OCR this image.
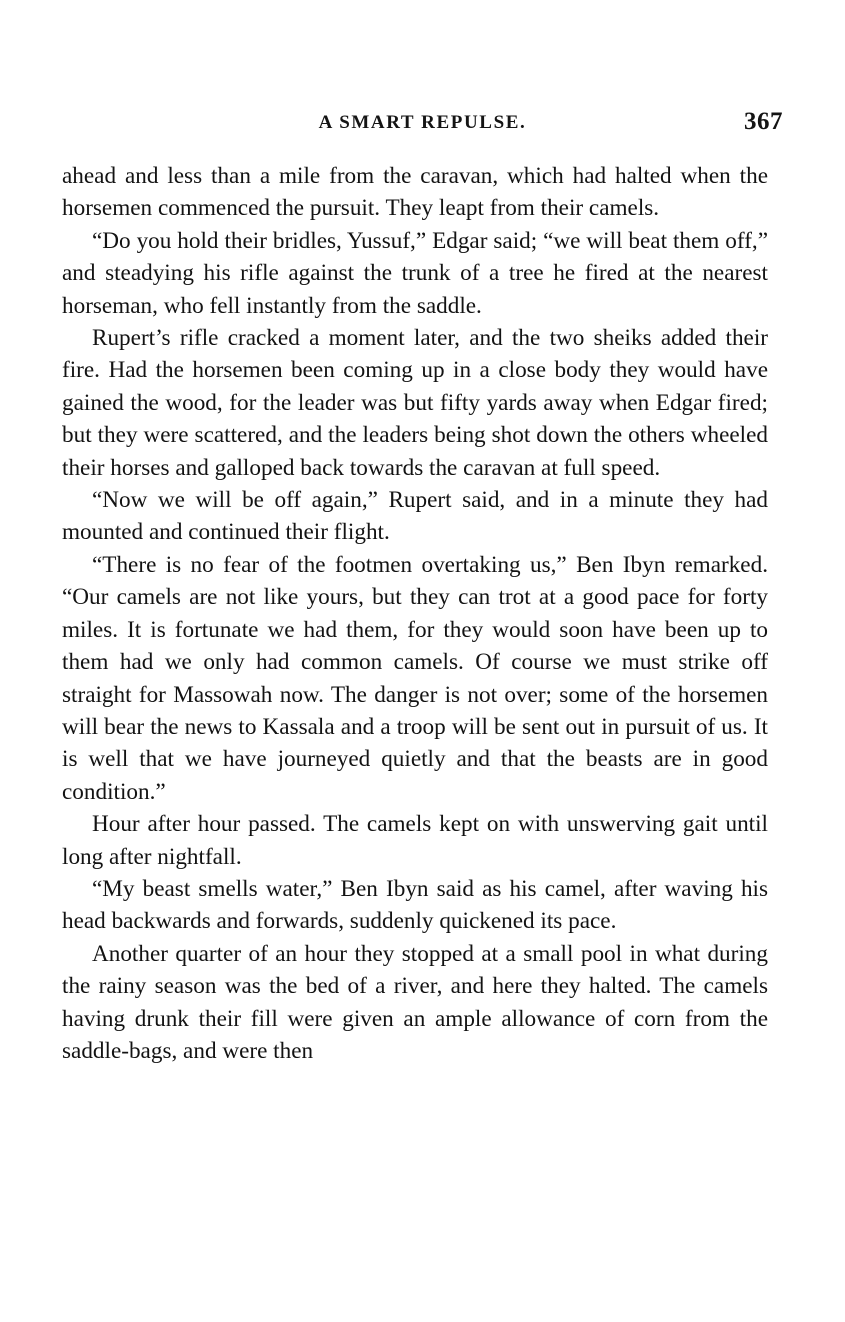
A SMART REPULSE.	367

ahead and less than a mile from the caravan, which had halted when the horsemen commenced the pursuit. They leapt from their camels.

“Do you hold their bridles, Yussuf,” Edgar said; “we will beat them off,” and steadying his rifle against the trunk of a tree he fired at the nearest horseman, who fell instantly from the saddle.

Rupert’s rifle cracked a moment later, and the two sheiks added their fire. Had the horsemen been coming up in a close body they would have gained the wood, for the leader was but fifty yards away when Edgar fired; but they were scattered, and the leaders being shot down the others wheeled their horses and galloped back towards the caravan at full speed.

“Now we will be off again,” Rupert said, and in a minute they had mounted and continued their flight.

“There is no fear of the footmen overtaking us,” Ben Ibyn remarked. “Our camels are not like yours, but they can trot at a good pace for forty miles. It is fortunate we had them, for they would soon have been up to them had we only had common camels. Of course we must strike off straight for Massowah now. The danger is not over; some of the horsemen will bear the news to Kassala and a troop will be sent out in pursuit of us. It is well that we have journeyed quietly and that the beasts are in good condition.”

Hour after hour passed. The camels kept on with unswerving gait until long after nightfall.

“My beast smells water,” Ben Ibyn said as his camel, after waving his head backwards and forwards, suddenly quickened its pace.

Another quarter of an hour they stopped at a small pool in what during the rainy season was the bed of a river, and here they halted. The camels having drunk their fill were given an ample allowance of corn from the saddle-bags, and were then
